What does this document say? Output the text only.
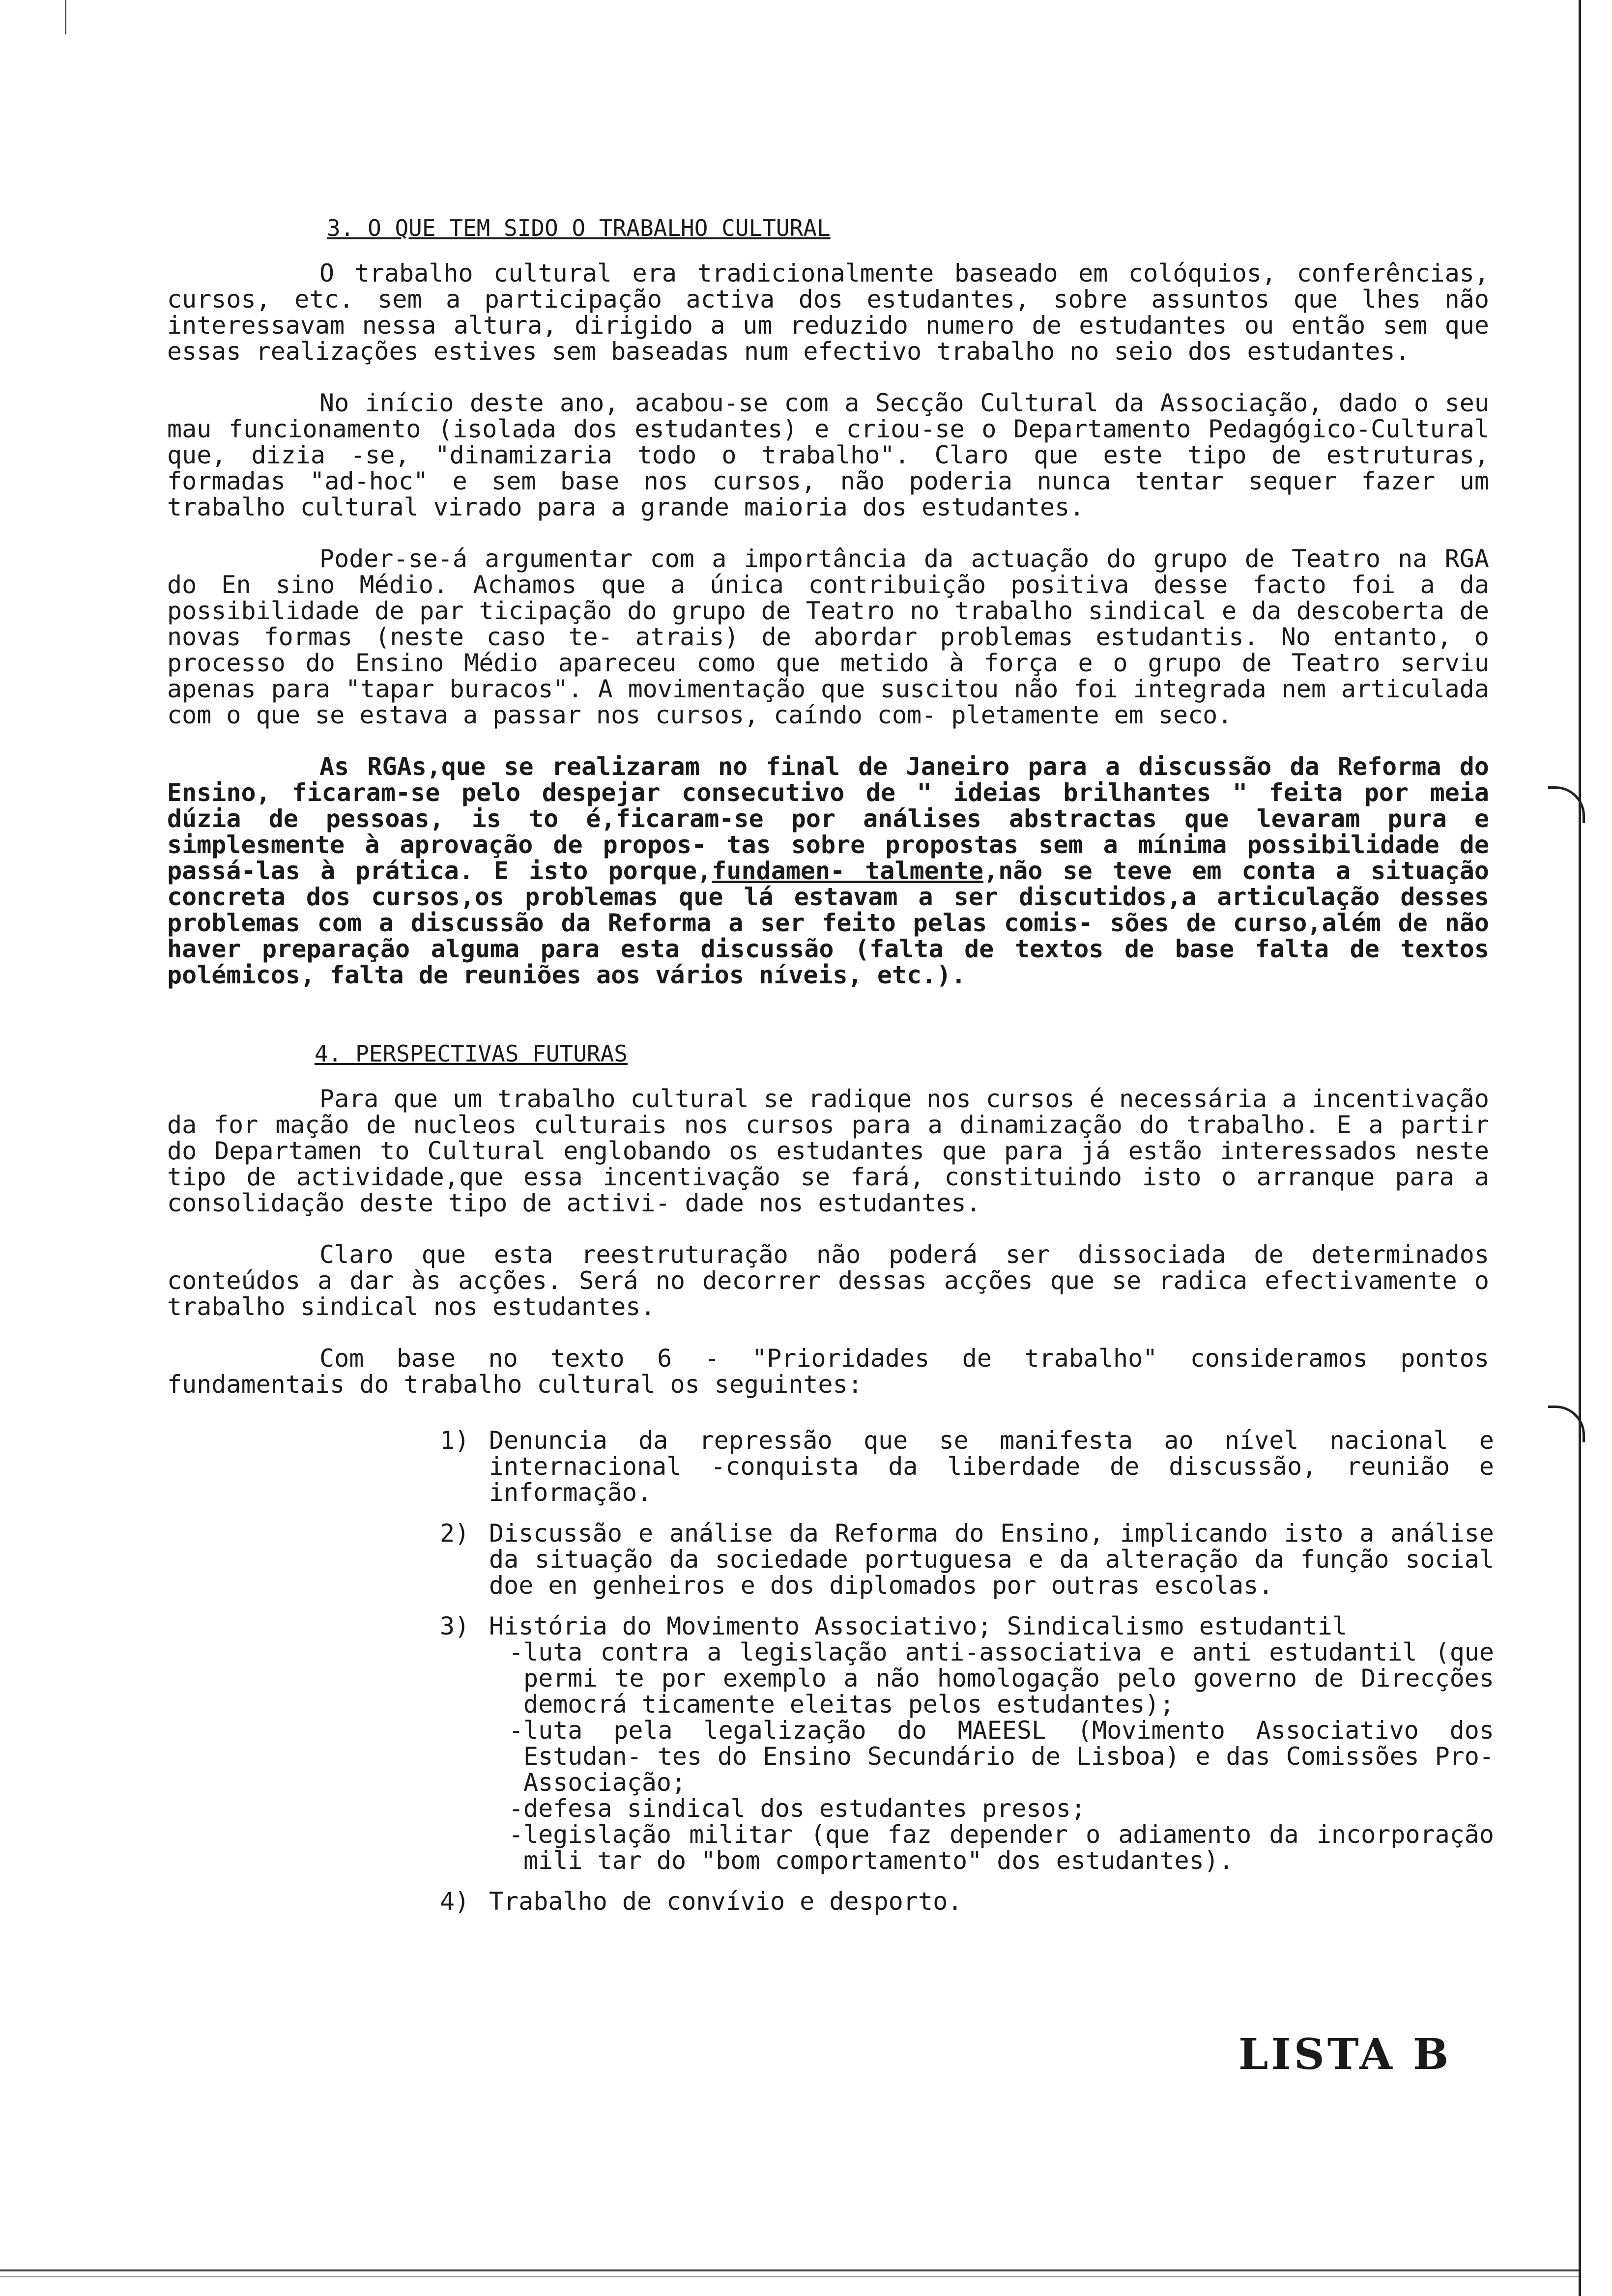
3. O QUE TEM SIDO O TRABALHO CULTURAL

O trabalho cultural era tradicionalmente baseado em colóquios, conferências, cursos, etc. sem a participação activa dos estudantes, sobre assuntos que lhes não interessavam nessa altura, dirigido a um reduzido numero de estudantes ou então sem que essas realizações estives sem baseadas num efectivo trabalho no seio dos estudantes.

No início deste ano, acabou-se com a Secção Cultural da Associação, dado o seu mau funcionamento (isolada dos estudantes) e criou-se o Departamento Pedagógico-Cultural que, dizia -se, "dinamizaria todo o trabalho". Claro que este tipo de estruturas, formadas "ad-hoc" e sem base nos cursos, não poderia nunca tentar sequer fazer um trabalho cultural virado para a grande maioria dos estudantes.

Poder-se-á argumentar com a importância da actuação do grupo de Teatro na RGA do En sino Médio. Achamos que a única contribuição positiva desse facto foi a da possibilidade de par ticipação do grupo de Teatro no trabalho sindical e da descoberta de novas formas (neste caso te- atrais) de abordar problemas estudantis. No entanto, o processo do Ensino Médio apareceu como que metido à força e o grupo de Teatro serviu apenas para "tapar buracos". A movimentação que suscitou não foi integrada nem articulada com o que se estava a passar nos cursos, caíndo com- pletamente em seco.

As RGAs,que se realizaram no final de Janeiro para a discussão da Reforma do Ensino, ficaram-se pelo despejar consecutivo de " ideias brilhantes " feita por meia dúzia de pessoas, is to é,ficaram-se por análises abstractas que levaram pura e simplesmente à aprovação de propos- tas sobre propostas sem a mínima possibilidade de passá-las à prática. E isto porque,fundamen- talmente,não se teve em conta a situação concreta dos cursos,os problemas que lá estavam a ser discutidos,a articulação desses problemas com a discussão da Reforma a ser feito pelas comis- sões de curso,além de não haver preparação alguma para esta discussão (falta de textos de base falta de textos polémicos, falta de reuniões aos vários níveis, etc.).

4. PERSPECTIVAS FUTURAS

Para que um trabalho cultural se radique nos cursos é necessária a incentivação da for mação de nucleos culturais nos cursos para a dinamização do trabalho. E a partir do Departamen to Cultural englobando os estudantes que para já estão interessados neste tipo de actividade,que essa incentivação se fará, constituindo isto o arranque para a consolidação deste tipo de activi- dade nos estudantes.

Claro que esta reestruturação não poderá ser dissociada de determinados conteúdos a dar às acções. Será no decorrer dessas acções que se radica efectivamente o trabalho sindical nos estudantes.

Com base no texto 6 - "Prioridades de trabalho" consideramos pontos fundamentais do trabalho cultural os seguintes:

1) Denuncia da repressão que se manifesta ao nível nacional e internacional -conquista da liberdade de discussão, reunião e informação.

2) Discussão e análise da Reforma do Ensino, implicando isto a análise da situação da sociedade portuguesa e da alteração da função social doe en genheiros e dos diplomados por outras escolas.

3) História do Movimento Associativo; Sindicalismo estudantil

- luta contra a legislação anti-associativa e anti estudantil (que permi te por exemplo a não homologação pelo governo de Direcções democrá ticamente eleitas pelos estudantes);

- luta pela legalização do MAEESL (Movimento Associativo dos Estudan- tes do Ensino Secundário de Lisboa) e das Comissões Pro-Associação;

- defesa sindical dos estudantes presos;

- legislação militar (que faz depender o adiamento da incorporação mili tar do "bom comportamento" dos estudantes).

4) Trabalho de convívio e desporto.

LISTA B
